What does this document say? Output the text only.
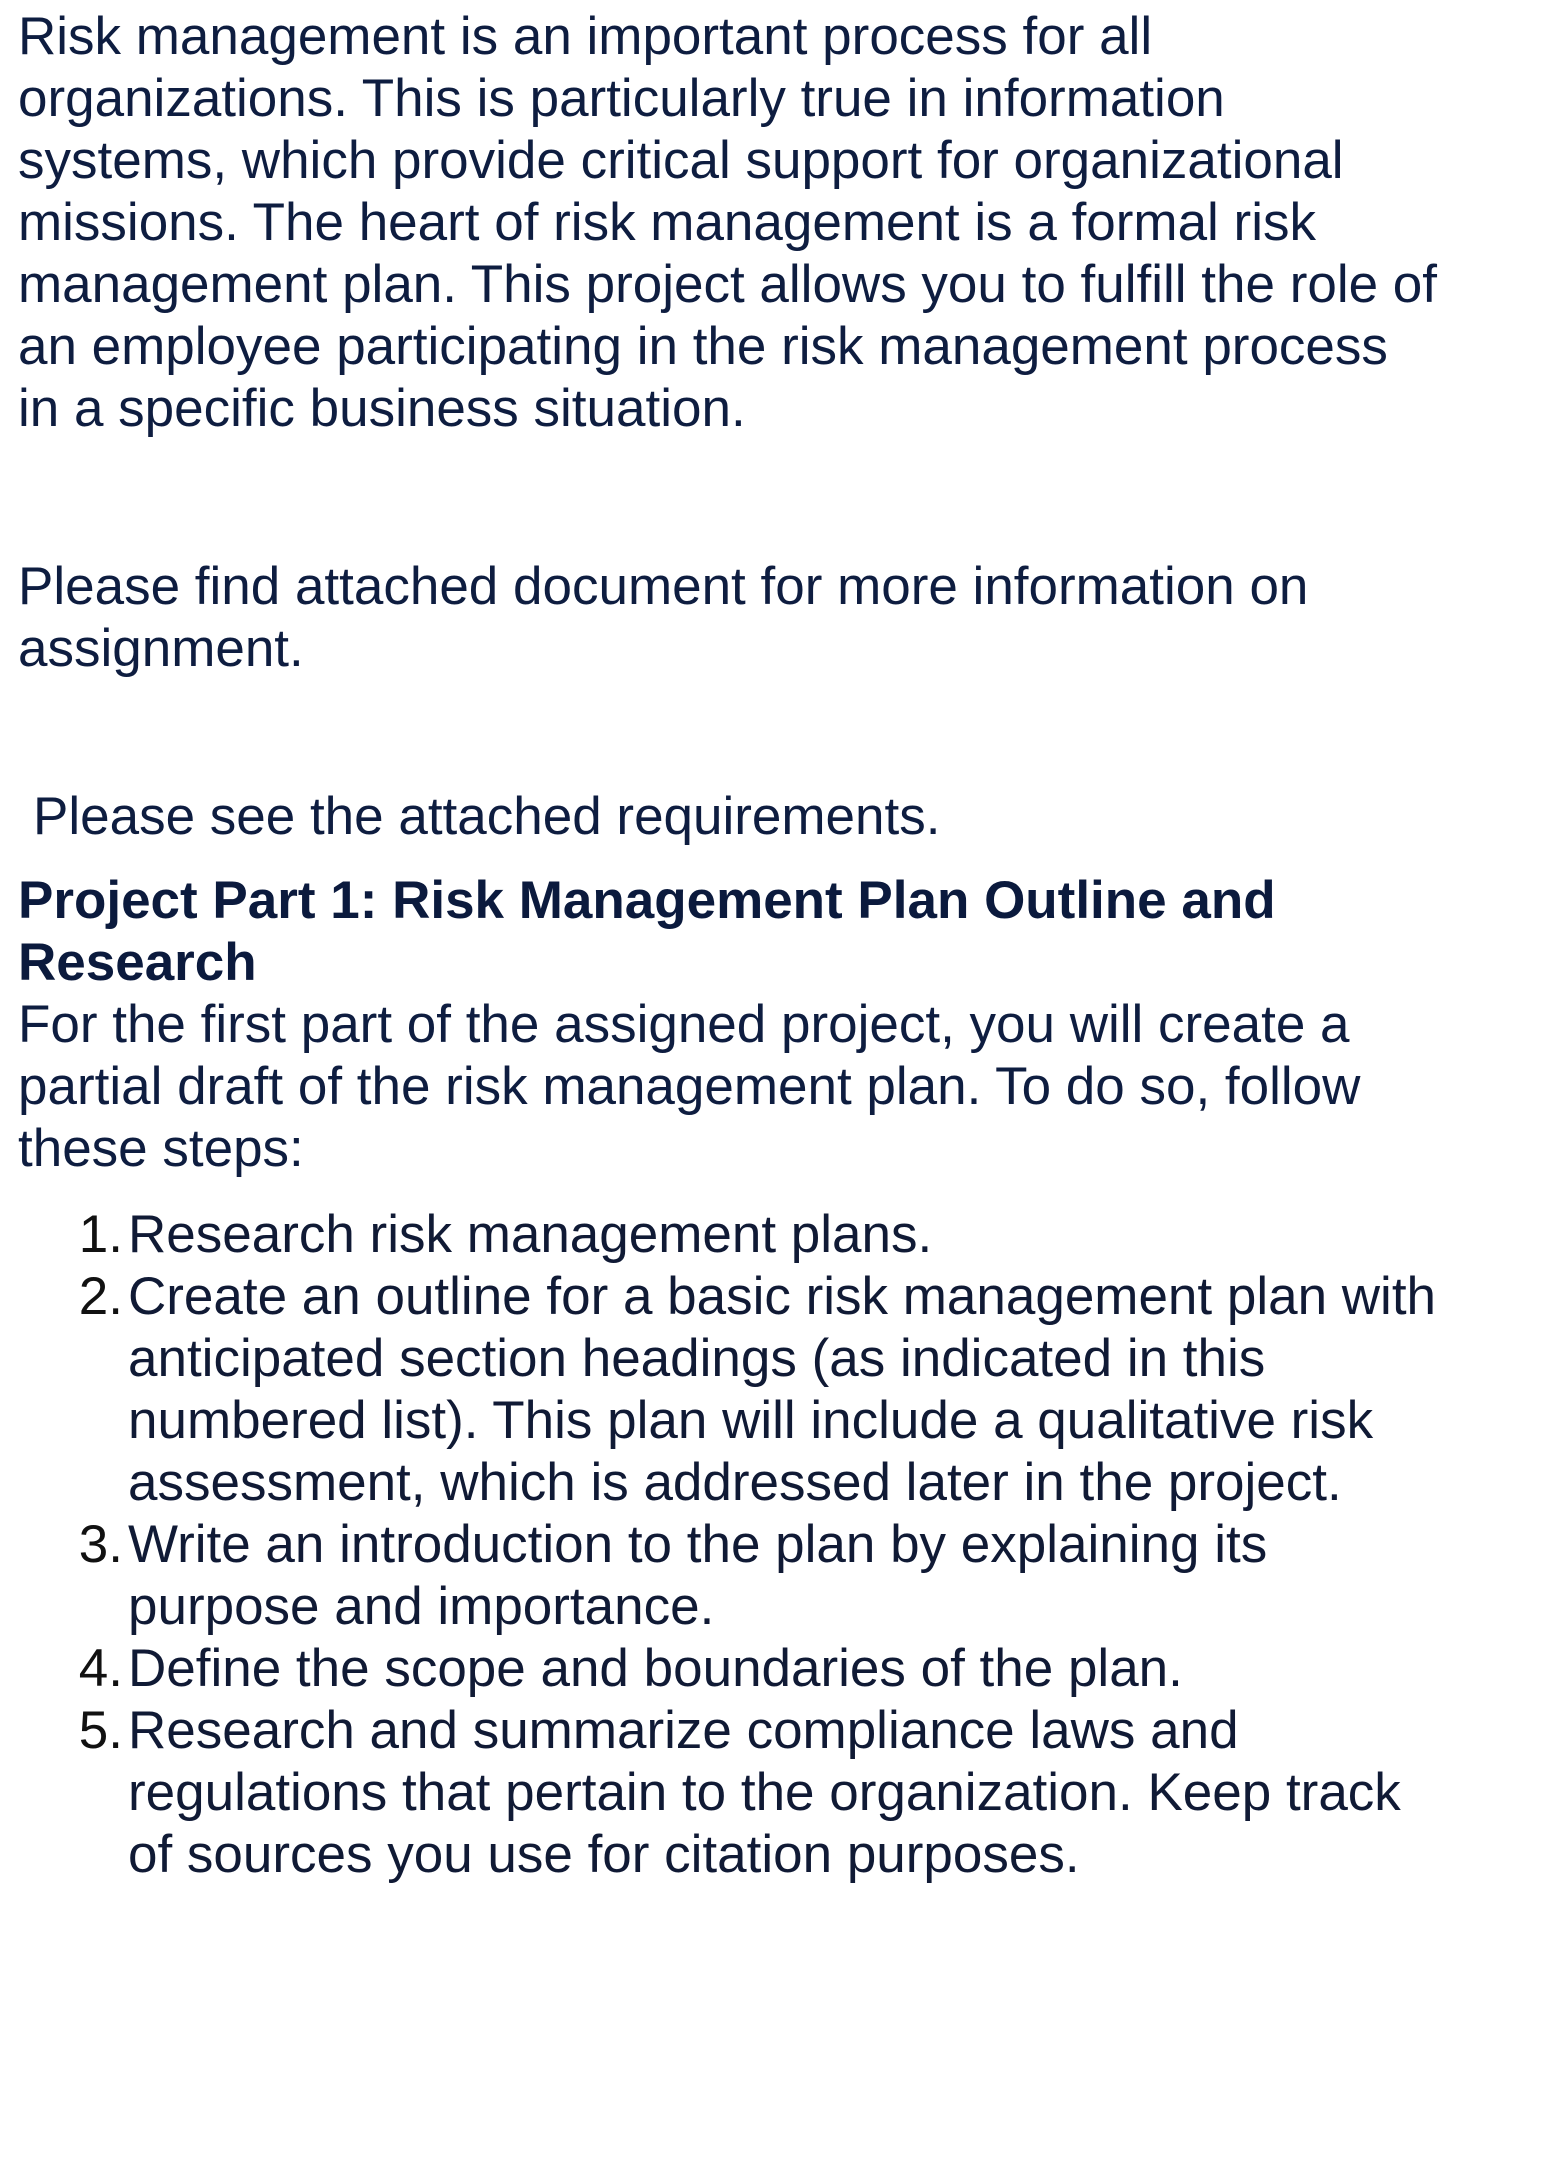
Risk management is an important process for all organizations. This is particularly true in information systems, which provide critical support for organizational missions. The heart of risk management is a formal risk management plan. This project allows you to fulfill the role of an employee participating in the risk management process in a specific business situation.

Please find attached document for more information on assignment.

Please see the attached requirements.

Project Part 1: Risk Management Plan Outline and Research

For the first part of the assigned project, you will create a partial draft of the risk management plan. To do so, follow these steps:

1. Research risk management plans.
2. Create an outline for a basic risk management plan with anticipated section headings (as indicated in this numbered list). This plan will include a qualitative risk assessment, which is addressed later in the project.
3. Write an introduction to the plan by explaining its purpose and importance.
4. Define the scope and boundaries of the plan.
5. Research and summarize compliance laws and regulations that pertain to the organization. Keep track of sources you use for citation purposes.
